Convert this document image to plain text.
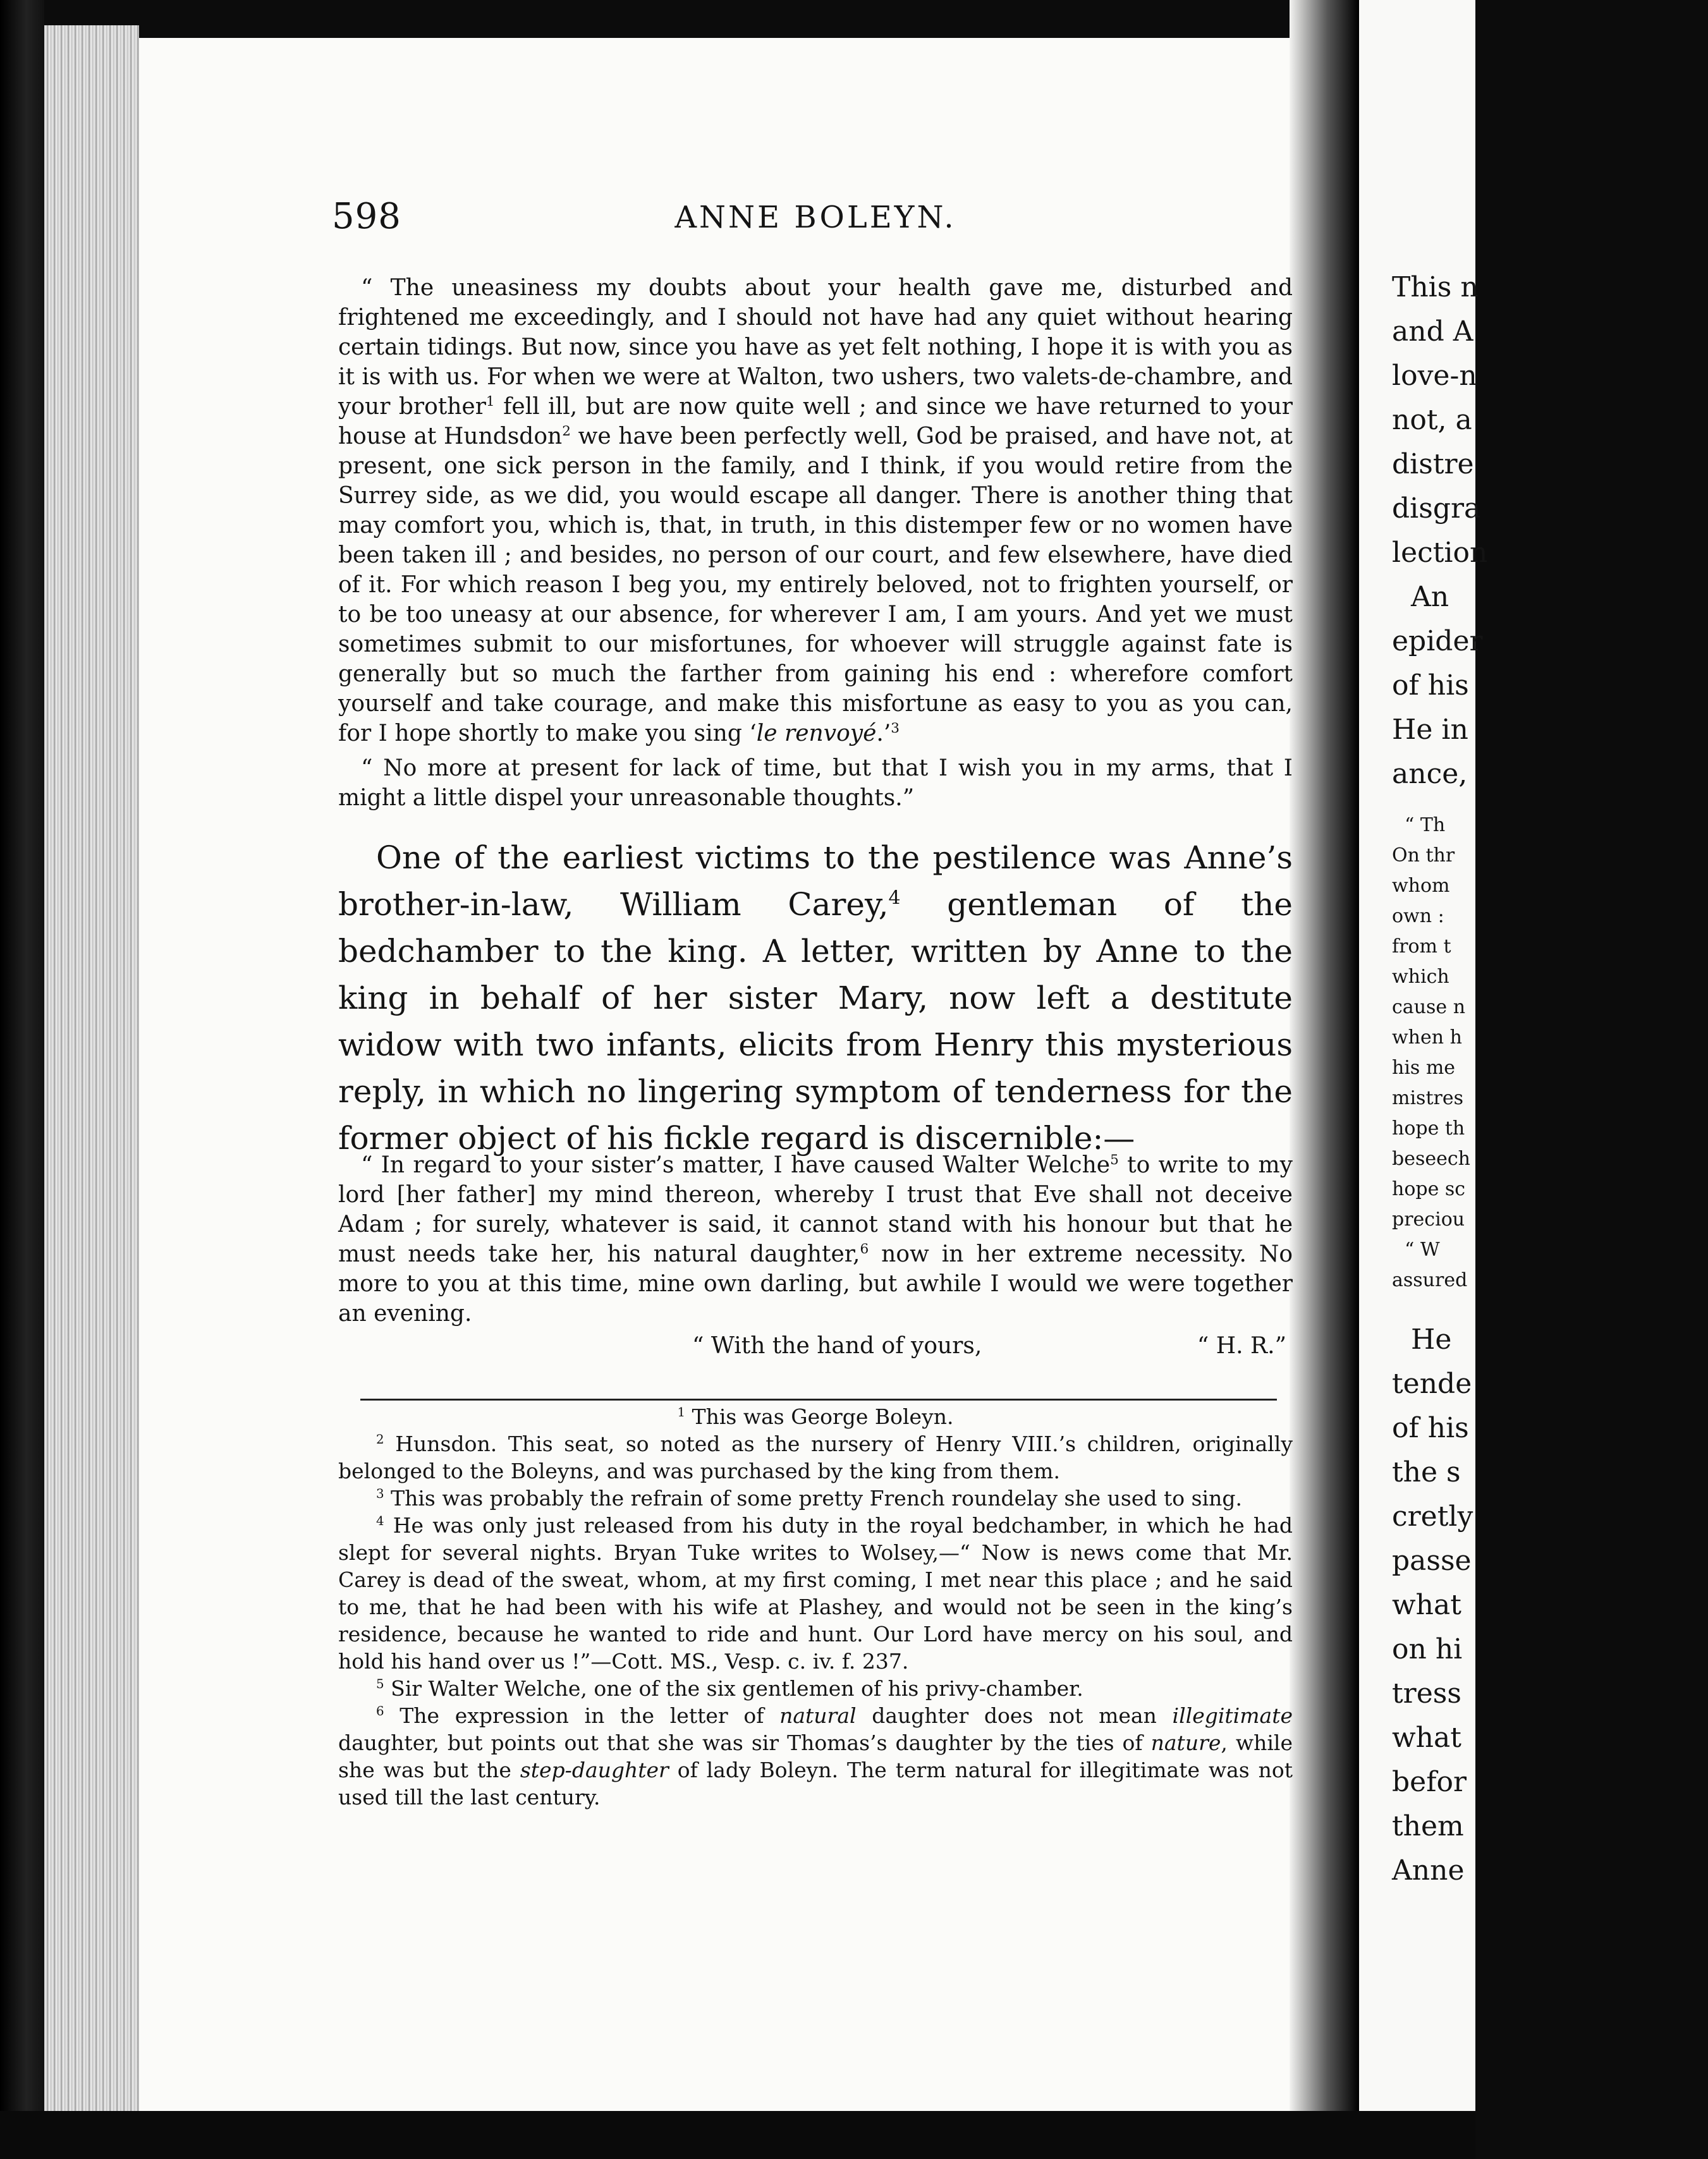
This n
and A
love-n
not, a
distre
disgra
lection
An
epider
of his
He in
ance,
“ Th
On thr
whom
own :
from t
which
cause n
when h
his me
mistres
hope th
beseech
hope sc
preciou
“ W
assured
He
tende
of his
the s
cretly
passe
what
on hi
tress
what
befor
them
Anne
598	ANNE BOLEYN.

“ The uneasiness my doubts about your health gave me, disturbed and frightened me exceedingly, and I should not have had any quiet without hearing certain tidings. But now, since you have as yet felt nothing, I hope it is with you as it is with us. For when we were at Walton, two ushers, two valets-de-chambre, and your brother$^1$ fell ill, but are now quite well ; and since we have returned to your house at Hundsdon$^2$ we have been perfectly well, God be praised, and have not, at present, one sick person in the family, and I think, if you would retire from the Surrey side, as we did, you would escape all danger. There is another thing that may comfort you, which is, that, in truth, in this distemper few or no women have been taken ill ; and besides, no person of our court, and few elsewhere, have died of it. For which reason I beg you, my entirely beloved, not to frighten yourself, or to be too uneasy at our absence, for wherever I am, I am yours. And yet we must sometimes submit to our misfortunes, for whoever will struggle against fate is generally but so much the farther from gaining his end : wherefore comfort yourself and take courage, and make this misfortune as easy to you as you can, for I hope shortly to make you sing ‘le renvoyé.’$^3$

“ No more at present for lack of time, but that I wish you in my arms, that I might a little dispel your unreasonable thoughts.”

One of the earliest victims to the pestilence was Anne’s brother-in-law, William Carey,$^4$ gentleman of the bedchamber to the king. A letter, written by Anne to the king in behalf of her sister Mary, now left a destitute widow with two infants, elicits from Henry this mysterious reply, in which no lingering symptom of tenderness for the former object of his fickle regard is discernible:—

“ In regard to your sister’s matter, I have caused Walter Welche$^5$ to write to my lord [her father] my mind thereon, whereby I trust that Eve shall not deceive Adam ; for surely, whatever is said, it cannot stand with his honour but that he must needs take her, his natural daughter,$^6$ now in her extreme necessity. No more to you at this time, mine own darling, but awhile I would we were together an evening.

“ With the hand of yours,	“ H. R.”

$^1$ This was George Boleyn.

$^2$ Hunsdon. This seat, so noted as the nursery of Henry VIII.’s children, originally belonged to the Boleyns, and was purchased by the king from them.

$^3$ This was probably the refrain of some pretty French roundelay she used to sing.

$^4$ He was only just released from his duty in the royal bedchamber, in which he had slept for several nights. Bryan Tuke writes to Wolsey,—“ Now is news come that Mr. Carey is dead of the sweat, whom, at my first coming, I met near this place ; and he said to me, that he had been with his wife at Plashey, and would not be seen in the king’s residence, because he wanted to ride and hunt. Our Lord have mercy on his soul, and hold his hand over us !”—Cott. MS., Vesp. c. iv. f. 237.

$^5$ Sir Walter Welche, one of the six gentlemen of his privy-chamber.

$^6$ The expression in the letter of natural daughter does not mean illegitimate daughter, but points out that she was sir Thomas’s daughter by the ties of nature, while she was but the step-daughter of lady Boleyn. The term natural for illegitimate was not used till the last century.
